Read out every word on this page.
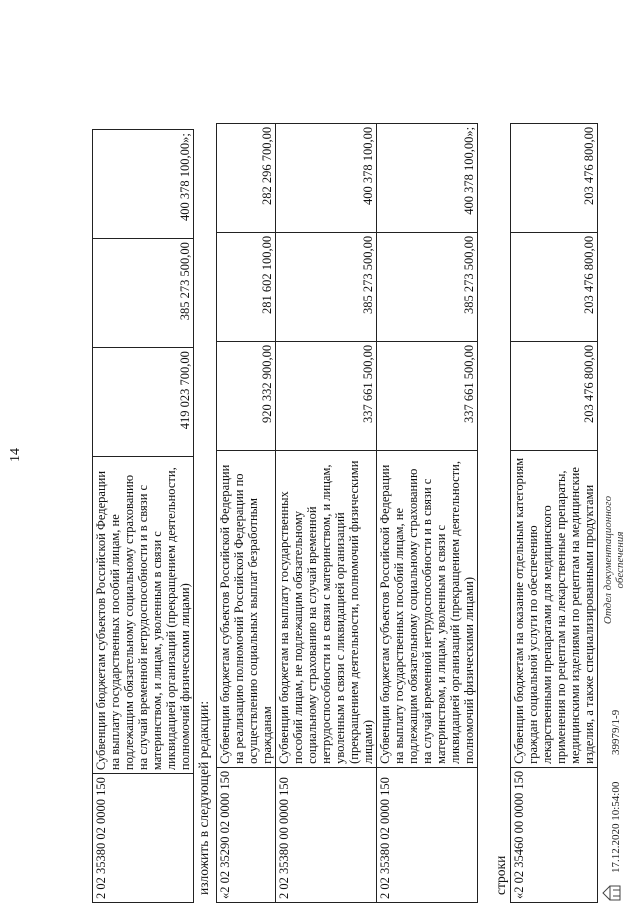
14
2 02 35380 02 0000 150	Субвенции бюджетам субъектов Российской Федерации на выплату государственных пособий лицам, не подлежащим обязательному социальному страхованию на случай временной нетрудоспособности и в связи с материнством, и лицам, уволенным в связи с ликвидацией организаций (прекращением деятельности, полномочий физическими лицами)	419 023 700,00	385 273 500,00	400 378 100,00»;
изложить в следующей редакции: «2 02 35290 02 0000 150	Субвенции бюджетам субъектов Российской Федерации на реализацию полномочий Российской Федерации по осуществлению социальных выплат безработным гражданам	920 332 900,00	281 602 100,00	282 296 700,00
2 02 35380 00 0000 150	Субвенции бюджетам на выплату государственных пособий лицам, не подлежащим обязательному социальному страхованию на случай временной нетрудоспособности и в связи с материнством, и лицам, уволенным в связи с ликвидацией организаций (прекращением деятельности, полномочий физическими лицами)	337 661 500,00	385 273 500,00	400 378 100,00
2 02 35380 02 0000 150	Субвенции бюджетам субъектов Российской Федерации на выплату государственных пособий лицам, не подлежащим обязательному социальному страхованию на случай временной нетрудоспособности и в связи с материнством, и лицам, уволенным в связи с ликвидацией организаций (прекращением деятельности, полномочий физическими лицами)	337 661 500,00	385 273 500,00	400 378 100,00»;
строки «2 02 35460 00 0000 150	Субвенции бюджетам на оказание отдельным категориям граждан социальной услуги по обеспечению лекарственными препаратами для медицинского применения по рецептам на лекарственные препараты, медицинскими изделиями по рецептам на медицинские изделия, а также специализированными продуктами	203 476 800,00	203 476 800,00	203 476 800,00
17.12.2020 10:54:00
39979/1-9
Отдел документационного обеспечения
